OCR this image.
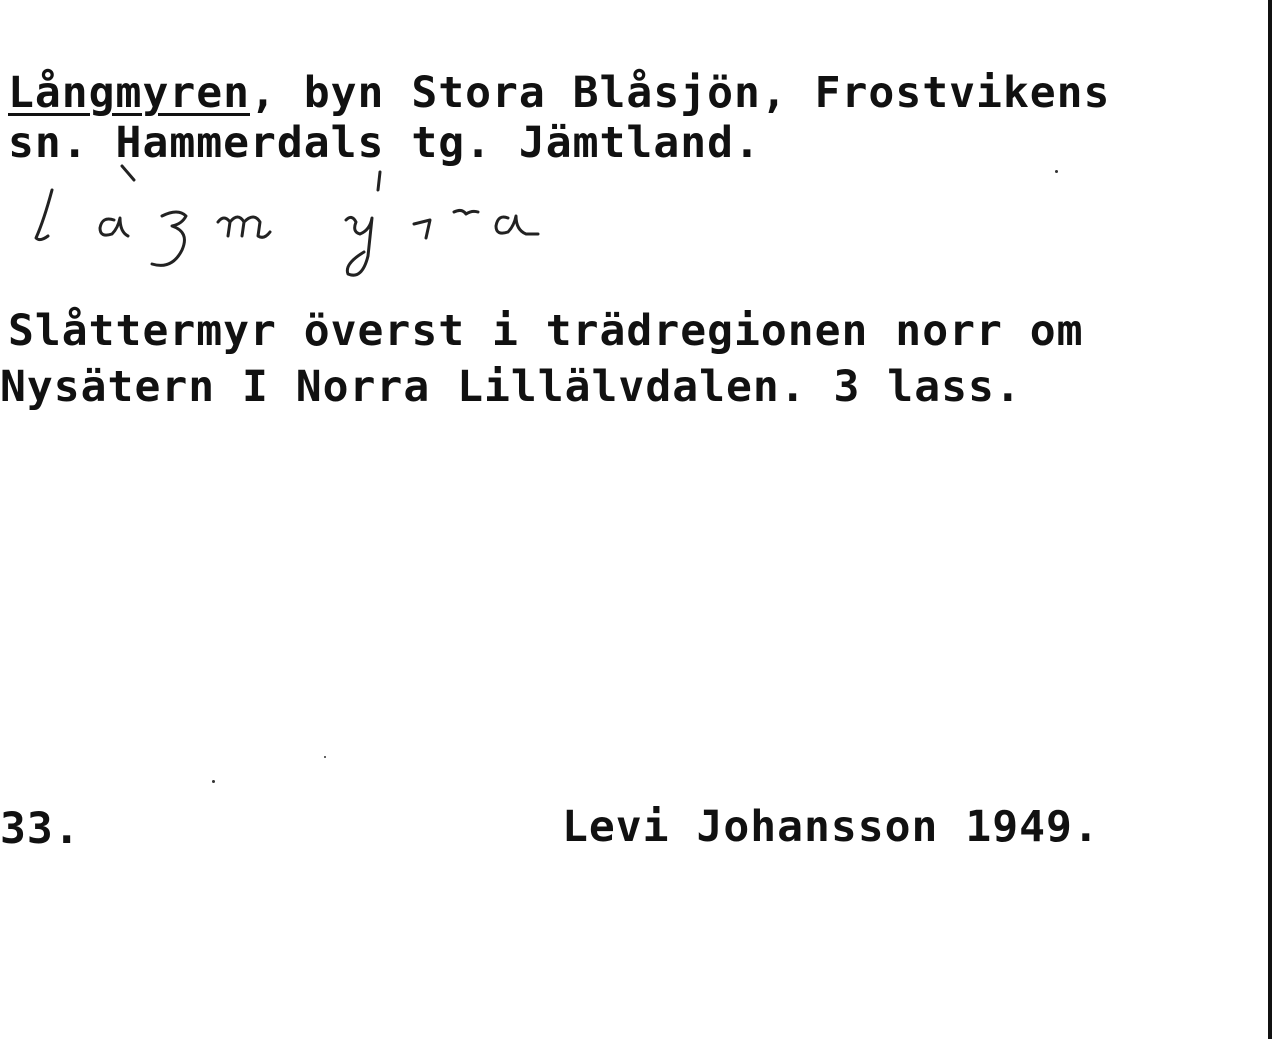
Långmyren, byn Stora Blåsjön, Frostvikens
sn. Hammerdals tg. Jämtland.
Slåttermyr överst i trädregionen norr om
Nysätern I Norra Lillälvdalen. 3 lass.
33.	Levi Johansson 1949.
